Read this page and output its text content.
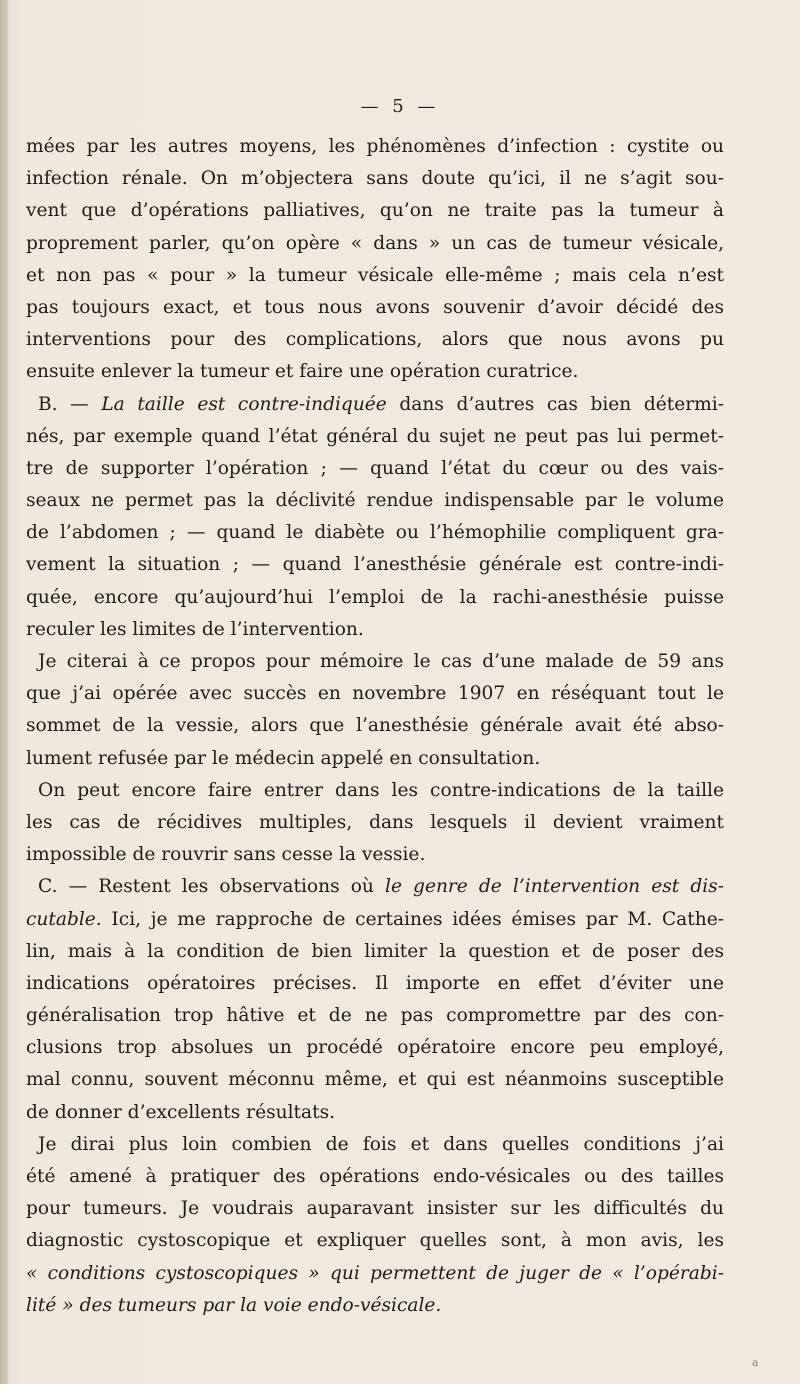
— 5 —
mées par les autres moyens, les phénomènes d’infection : cystite ou
infection rénale. On m’objectera sans doute qu’ici, il ne s’agit sou-
vent que d’opérations palliatives, qu’on ne traite pas la tumeur à
proprement parler, qu’on opère « dans » un cas de tumeur vésicale,
et non pas « pour » la tumeur vésicale elle-même ; mais cela n’est
pas toujours exact, et tous nous avons souvenir d’avoir décidé des
interventions pour des complications, alors que nous avons pu
ensuite enlever la tumeur et faire une opération curatrice.
B. — La taille est contre-indiquée dans d’autres cas bien détermi-
nés, par exemple quand l’état général du sujet ne peut pas lui permet-
tre de supporter l’opération ; — quand l’état du cœur ou des vais-
seaux ne permet pas la déclivité rendue indispensable par le volume
de l’abdomen ; — quand le diabète ou l’hémophilie compliquent gra-
vement la situation ; — quand l’anesthésie générale est contre-indi-
quée, encore qu’aujourd’hui l’emploi de la rachi-anesthésie puisse
reculer les limites de l’intervention.
Je citerai à ce propos pour mémoire le cas d’une malade de 59 ans
que j’ai opérée avec succès en novembre 1907 en réséquant tout le
sommet de la vessie, alors que l’anesthésie générale avait été abso-
lument refusée par le médecin appelé en consultation.
On peut encore faire entrer dans les contre-indications de la taille
les cas de récidives multiples, dans lesquels il devient vraiment
impossible de rouvrir sans cesse la vessie.
C. — Restent les observations où le genre de l’intervention est dis-
cutable. Ici, je me rapproche de certaines idées émises par M. Cathe-
lin, mais à la condition de bien limiter la question et de poser des
indications opératoires précises. Il importe en effet d’éviter une
généralisation trop hâtive et de ne pas compromettre par des con-
clusions trop absolues un procédé opératoire encore peu employé,
mal connu, souvent méconnu même, et qui est néanmoins susceptible
de donner d’excellents résultats.
Je dirai plus loin combien de fois et dans quelles conditions j’ai
été amené à pratiquer des opérations endo-vésicales ou des tailles
pour tumeurs. Je voudrais auparavant insister sur les difficultés du
diagnostic cystoscopique et expliquer quelles sont, à mon avis, les
« conditions cystoscopiques » qui permettent de juger de « l’opérabi-
lité » des tumeurs par la voie endo-vésicale.
a
